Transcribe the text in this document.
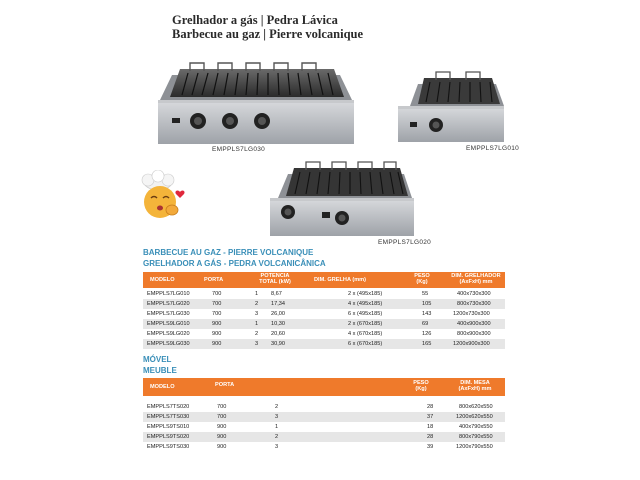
Grelhador a gás | Pedra Lávica
Barbecue au gaz | Pierre volcanique
EMPPLS7LG030	EMPPLS7LG010
EMPPLS7LG020
BARBECUE AU GAZ - PIERRE VOLCANIQUE
GRELHADOR A GÁS - PEDRA VOLCANICÂNICA
MODELO	PORTA
POTENCIA TOTAL (kW)	DIM. GRELHA (mm)
PESO (Kg)
DIM. GRELHADOR (AxFxH) mm
EMPPLS7LG010	700	1 8,67	2 x (495x185)	55	400x730x300
EMPPLS7LG020	700	2 17,34	4 x (495x185)	105	800x730x300
EMPPLS7LG030	700	3 26,00	6 x (495x185)	143	1200x730x300
EMPPLS9LG010	900	1 10,30	2 x (670x185)	69	400x900x300
EMPPLS9LG020	900	2 20,60	4 x (670x185)	126	800x900x300
EMPPLS9LG030	900	3 30,90	6 x (670x185)	165	1200x900x300
MÓVEL
MEUBLE
MODELO	PORTA	PESO (Kg)
DIM. MESA (AxFxH) mm
EMPPLS7TS020	700	2	28	800x620x550
EMPPLS7TS030	700	3	37	1200x620x550
EMPPLS9TS010	900	1	18	400x790x550
EMPPLS9TS020	900	2	28	800x790x550
EMPPLS9TS030	900	3	39	1200x790x550
